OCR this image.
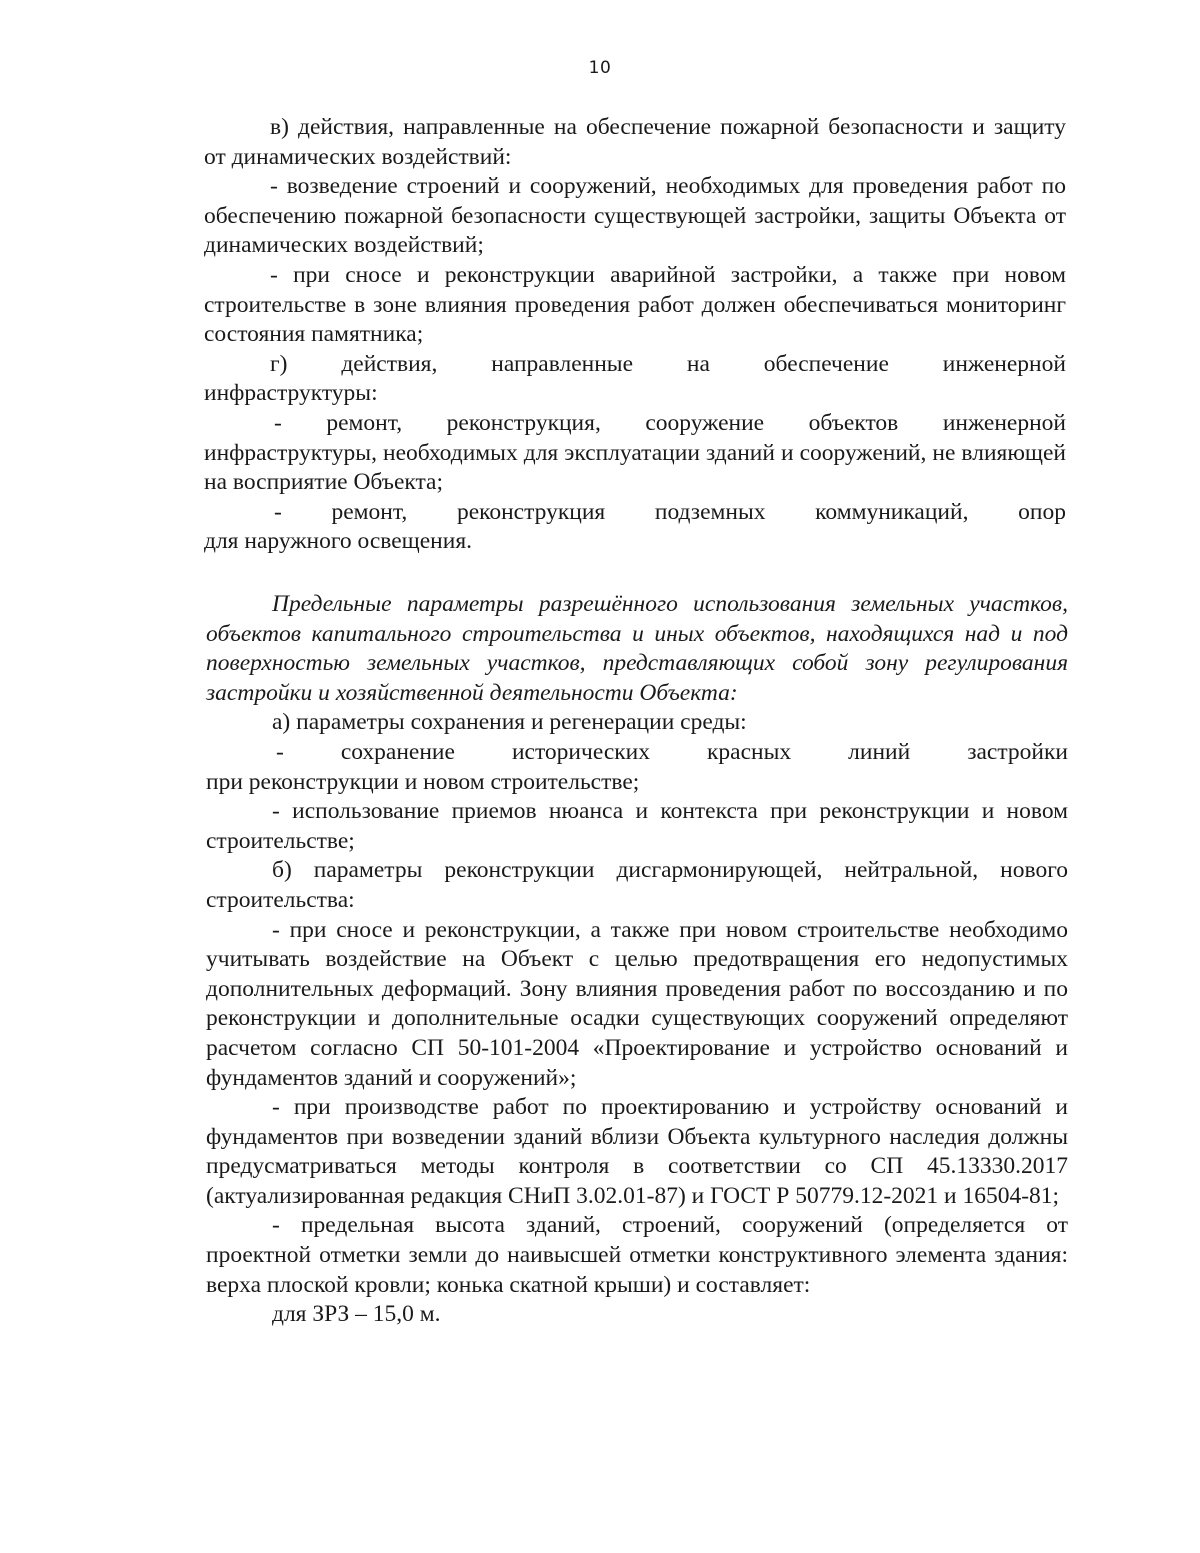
10

в) действия, направленные на обеспечение пожарной безопасности и защиту от динамических воздействий:

- возведение строений и сооружений, необходимых для проведения работ по обеспечению пожарной безопасности существующей застройки, защиты Объекта от динамических воздействий;

- при сносе и реконструкции аварийной застройки, а также при новом строительстве в зоне влияния проведения работ должен обеспечиваться мониторинг состояния памятника;

г) действия, направленные на обеспечение инженерной

инфраструктуры:

- ремонт, реконструкция, сооружение объектов инженерной

инфраструктуры, необходимых для эксплуатации зданий и сооружений, не влияющей на восприятие Объекта;

- ремонт, реконструкция подземных коммуникаций, опор

для наружного освещения.

Предельные параметры разрешённого использования земельных участков, объектов капитального строительства и иных объектов, находящихся над и под поверхностью земельных участков, представляющих собой зону регулирования застройки и хозяйственной деятельности Объекта:

а) параметры сохранения и регенерации среды:

- сохранение исторических красных линий застройки

при реконструкции и новом строительстве;

- использование приемов нюанса и контекста при реконструкции и новом строительстве;

б) параметры реконструкции дисгармонирующей, нейтральной, нового строительства:

- при сносе и реконструкции, а также при новом строительстве необходимо учитывать воздействие на Объект с целью предотвращения его недопустимых дополнительных деформаций. Зону влияния проведения работ по воссозданию и по реконструкции и дополнительные осадки существующих сооружений определяют расчетом согласно СП 50-101-2004 «Проектирование и устройство оснований и фундаментов зданий и сооружений»;

- при производстве работ по проектированию и устройству оснований и фундаментов при возведении зданий вблизи Объекта культурного наследия должны предусматриваться методы контроля в соответствии со СП 45.13330.2017 (актуализированная редакция СНиП 3.02.01-87) и ГОСТ Р 50779.12-2021 и 16504-81;

- предельная высота зданий, строений, сооружений (определяется от проектной отметки земли до наивысшей отметки конструктивного элемента здания: верха плоской кровли; конька скатной крыши) и составляет:

для ЗРЗ – 15,0 м.
